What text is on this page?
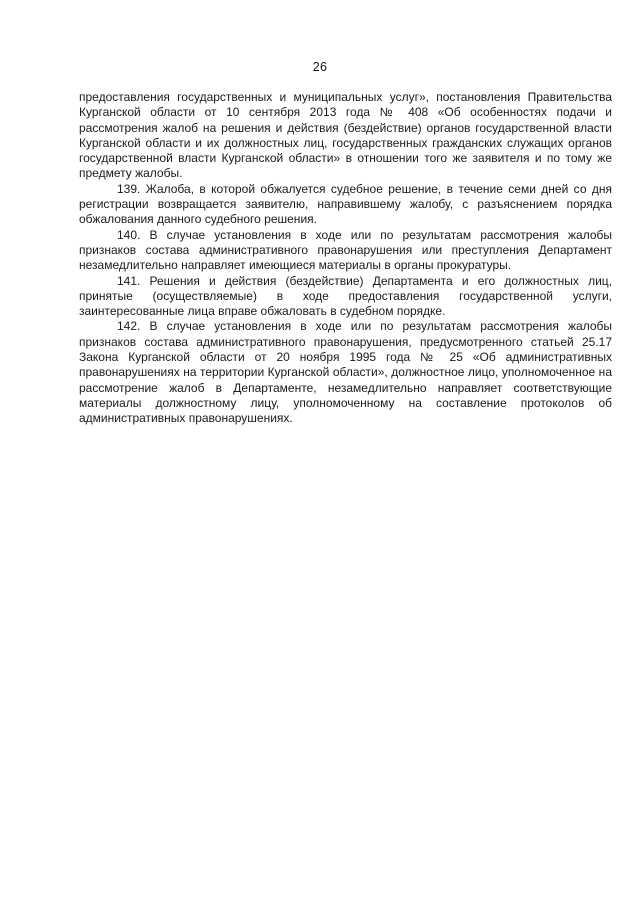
26

предоставления государственных и муниципальных услуг», постановления Правительства Курганской области от 10 сентября 2013 года № 408 «Об особенностях подачи и рассмотрения жалоб на решения и действия (бездействие) органов государственной власти Курганской области и их должностных лиц, государственных гражданских служащих органов государственной власти Курганской области» в отношении того же заявителя и по тому же предмету жалобы.

139. Жалоба, в которой обжалуется судебное решение, в течение семи дней со дня регистрации возвращается заявителю, направившему жалобу, с разъяснением порядка обжалования данного судебного решения.

140. В случае установления в ходе или по результатам рассмотрения жалобы признаков состава административного правонарушения или преступления Департамент незамедлительно направляет имеющиеся материалы в органы прокуратуры.

141. Решения и действия (бездействие) Департамента и его должностных лиц, принятые (осуществляемые) в ходе предоставления государственной услуги, заинтересованные лица вправе обжаловать в судебном порядке.

142. В случае установления в ходе или по результатам рассмотрения жалобы признаков состава административного правонарушения, предусмотренного статьей 25.17 Закона Курганской области от 20 ноября 1995 года № 25 «Об административных правонарушениях на территории Курганской области», должностное лицо, уполномоченное на рассмотрение жалоб в Департаменте, незамедлительно направляет соответствующие материалы должностному лицу, уполномоченному на составление протоколов об административных правонарушениях.
